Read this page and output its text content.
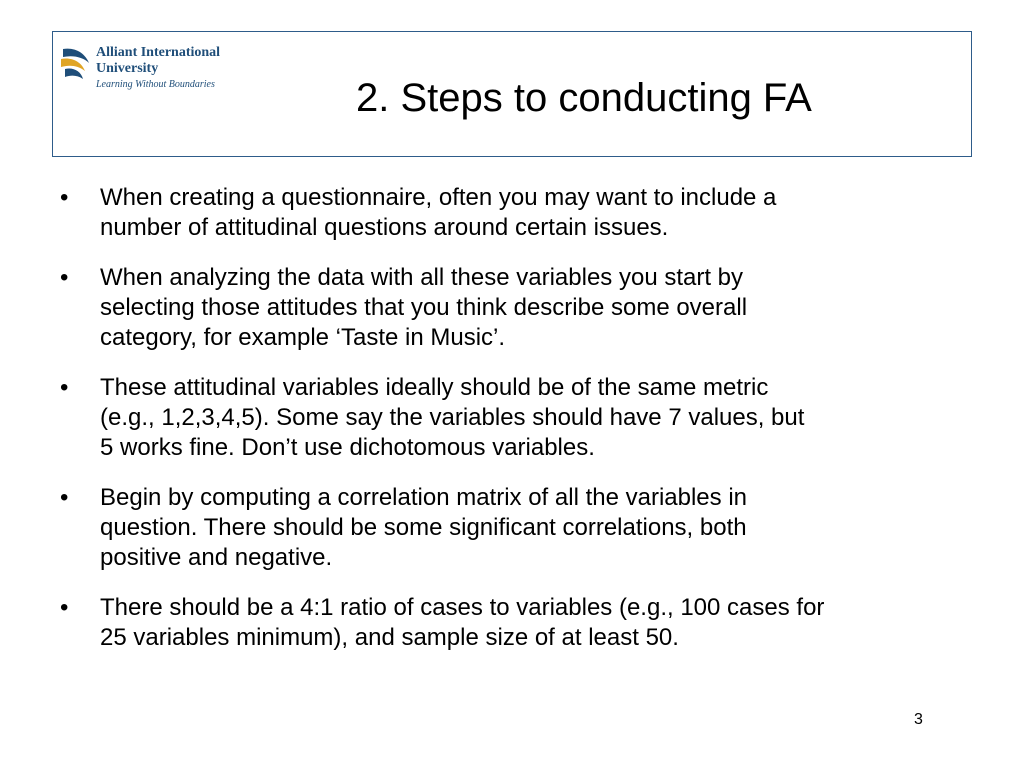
Alliant International
University
Learning Without Boundaries	2. Steps to conducting FA
• When creating a questionnaire, often you may want to include a
number of attitudinal questions around certain issues.
• When analyzing the data with all these variables you start by
selecting those attitudes that you think describe some overall
category, for example ‘Taste in Music’.
• These attitudinal variables ideally should be of the same metric
(e.g., 1,2,3,4,5). Some say the variables should have 7 values, but
5 works fine. Don’t use dichotomous variables.
• Begin by computing a correlation matrix of all the variables in
question. There should be some significant correlations, both
positive and negative.
• There should be a 4:1 ratio of cases to variables (e.g., 100 cases for
25 variables minimum), and sample size of at least 50.
3
